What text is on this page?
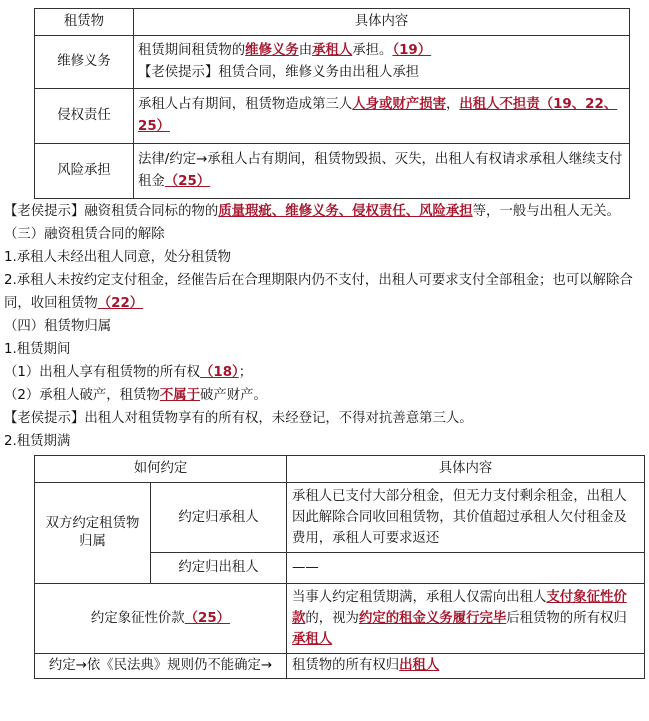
租赁物	具体内容
维修义务	租赁期间租赁物的维修义务由承租人承担。（19）
【老侯提示】租赁合同，维修义务由出租人承担

侵权责任	承租人占有期间，租赁物造成第三人人身或财产损害，出租人不担责（19、22、25）
风险承担	法律/约定→承租人占有期间，租赁物毁损、灭失，出租人有权请求承租人继续支付租金（25）

【老侯提示】融资租赁合同标的物的质量瑕疵、维修义务、侵权责任、风险承担等，一般与出租人无关。

（三）融资租赁合同的解除

1.承租人未经出租人同意，处分租赁物

2.承租人未按约定支付租金，经催告后在合理期限内仍不支付，出租人可要求支付全部租金；也可以解除合同，收回租赁物（22）

（四）租赁物归属

1.租赁期间

（1）出租人享有租赁物的所有权（18）；

（2）承租人破产，租赁物不属于破产财产。

【老侯提示】出租人对租赁物享有的所有权，未经登记，不得对抗善意第三人。

2.租赁期满

如何约定		具体内容
双方约定租赁物归属	约定归承租人	承租人已支付大部分租金，但无力支付剩余租金，出租人因此解除合同收回租赁物，其价值超过承租人欠付租金及费用，承租人可要求返还
	约定归出租人	——
约定象征性价款（25）		当事人约定租赁期满，承租人仅需向出租人支付象征性价款的，视为约定的租金义务履行完毕后租赁物的所有权归承租人
约定→依《民法典》规则仍不能确定→		租赁物的所有权归出租人
